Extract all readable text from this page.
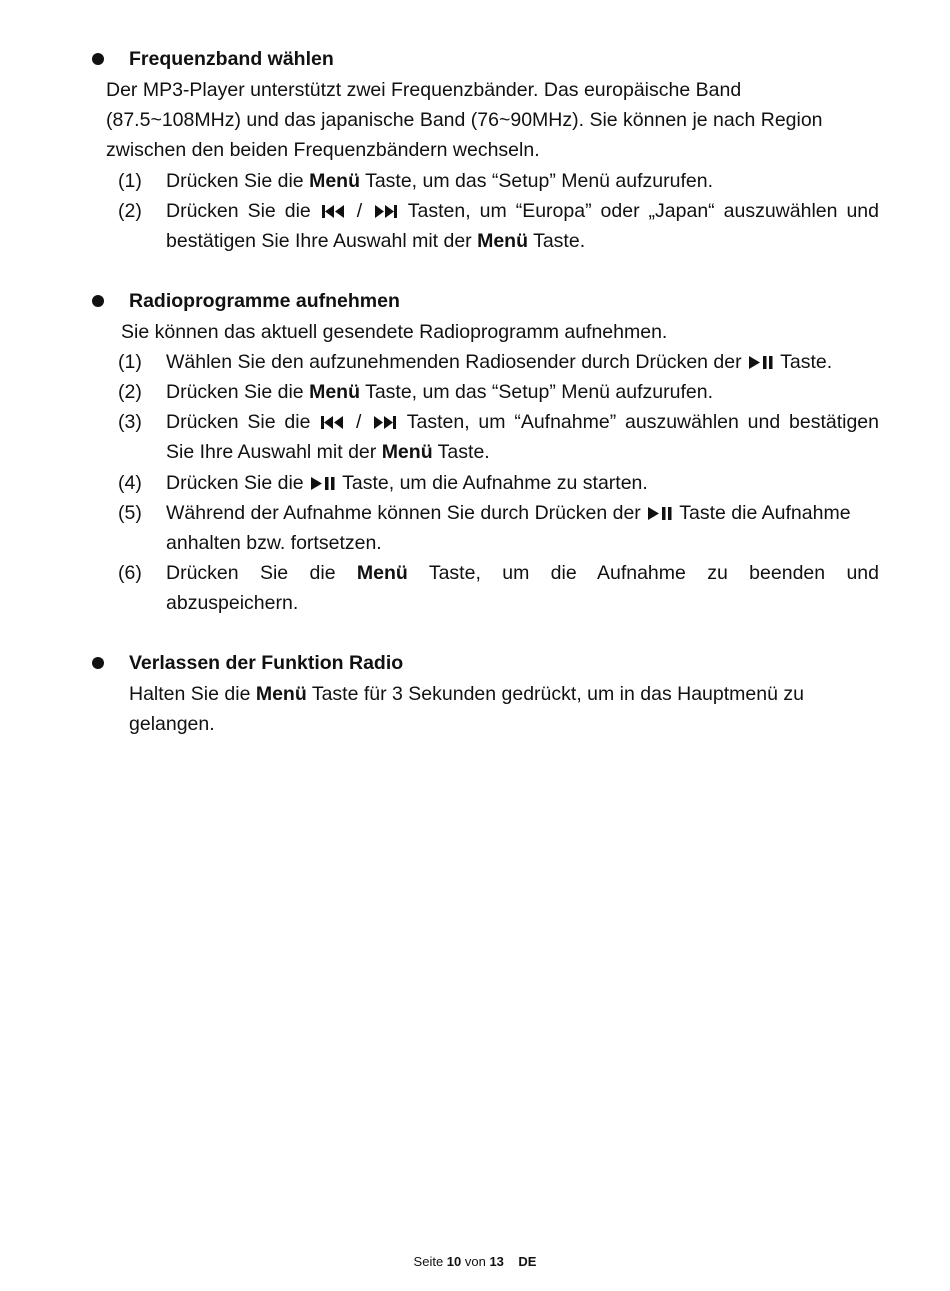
Frequenzband wählen
Der MP3-Player unterstützt zwei Frequenzbänder. Das europäische Band
(87.5~108MHz) und das japanische Band (76~90MHz). Sie können je nach Region
zwischen den beiden Frequenzbändern wechseln.
(1) Drücken Sie die Menü Taste, um das “Setup” Menü aufzurufen.
(2) Drücken Sie die  /  Tasten, um “Europa” oder „Japan“ auszuwählen und
bestätigen Sie Ihre Auswahl mit der Menü Taste.
Radioprogramme aufnehmen
Sie können das aktuell gesendete Radioprogramm aufnehmen.
(1) Wählen Sie den aufzunehmenden Radiosender durch Drücken der  Taste.
(2) Drücken Sie die Menü Taste, um das “Setup” Menü aufzurufen.
(3) Drücken Sie die  /  Tasten, um “Aufnahme” auszuwählen und bestätigen
Sie Ihre Auswahl mit der Menü Taste.
(4) Drücken Sie die  Taste, um die Aufnahme zu starten.
(5) Während der Aufnahme können Sie durch Drücken der  Taste die Aufnahme
anhalten bzw. fortsetzen.
(6) Drücken Sie die Menü Taste, um die Aufnahme zu beenden und
abzuspeichern.
Verlassen der Funktion Radio
Halten Sie die Menü Taste für 3 Sekunden gedrückt, um in das Hauptmenü zu
gelangen.
Seite 10 von 13 DE
